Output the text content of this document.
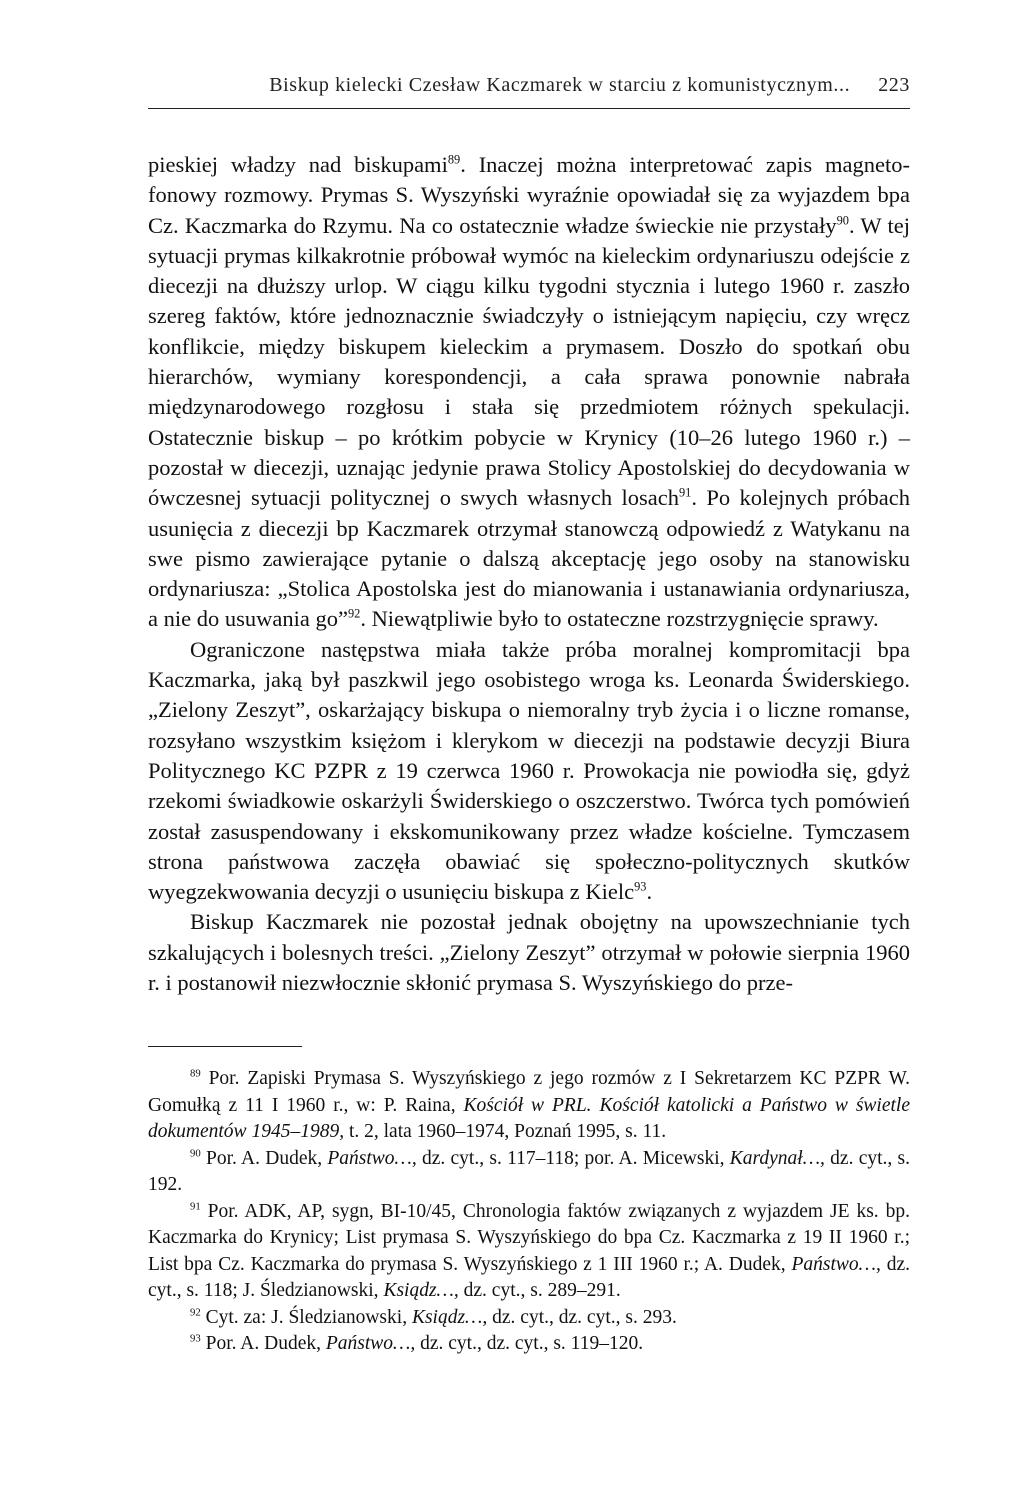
Biskup kielecki Czesław Kaczmarek w starciu z komunistycznym... 223

pieskiej władzy nad biskupami$^{89}$. Inaczej można interpretować zapis magnetofonowy rozmowy. Prymas S. Wyszyński wyraźnie opowiadał się za wyjazdem bpa Cz. Kaczmarka do Rzymu. Na co ostatecznie władze świeckie nie przystały$^{90}$. W tej sytuacji prymas kilkakrotnie próbował wymóc na kieleckim ordynariuszu odejście z diecezji na dłuższy urlop. W ciągu kilku tygodni stycznia i lutego 1960 r. zaszło szereg faktów, które jednoznacznie świadczyły o istniejącym napięciu, czy wręcz konflikcie, między biskupem kieleckim a prymasem. Doszło do spotkań obu hierarchów, wymiany korespondencji, a cała sprawa ponownie nabrała międzynarodowego rozgłosu i stała się przedmiotem różnych spekulacji. Ostatecznie biskup – po krótkim pobycie w Krynicy (10–26 lutego 1960 r.) – pozostał w diecezji, uznając jedynie prawa Stolicy Apostolskiej do decydowania w ówczesnej sytuacji politycznej o swych własnych losach$^{91}$. Po kolejnych próbach usunięcia z diecezji bp Kaczmarek otrzymał stanowczą odpowiedź z Watykanu na swe pismo zawierające pytanie o dalszą akceptację jego osoby na stanowisku ordynariusza: „Stolica Apostolska jest do mianowania i ustanawiania ordynariusza, a nie do usuwania go”$^{92}$. Niewątpliwie było to ostateczne rozstrzygnięcie sprawy.

Ograniczone następstwa miała także próba moralnej kompromitacji bpa Kaczmarka, jaką był paszkwil jego osobistego wroga ks. Leonarda Świderskiego. „Zielony Zeszyt”, oskarżający biskupa o niemoralny tryb życia i o liczne romanse, rozsyłano wszystkim księżom i klerykom w diecezji na podstawie decyzji Biura Politycznego KC PZPR z 19 czerwca 1960 r. Prowokacja nie powiodła się, gdyż rzekomi świadkowie oskarżyli Świderskiego o oszczerstwo. Twórca tych pomówień został zasuspendowany i ekskomunikowany przez władze kościelne. Tymczasem strona państwowa zaczęła obawiać się społeczno-politycznych skutków wyegzekwowania decyzji o usunięciu biskupa z Kielc$^{93}$.

Biskup Kaczmarek nie pozostał jednak obojętny na upowszechnianie tych szkalujących i bolesnych treści. „Zielony Zeszyt” otrzymał w połowie sierpnia 1960 r. i postanowił niezwłocznie skłonić prymasa S. Wyszyńskiego do prze-

$^{89}$ Por. Zapiski Prymasa S. Wyszyńskiego z jego rozmów z I Sekretarzem KC PZPR W. Gomułką z 11 I 1960 r., w: P. Raina, Kościół w PRL. Kościół katolicki a Państwo w świetle dokumentów 1945–1989, t. 2, lata 1960–1974, Poznań 1995, s. 11.

$^{90}$ Por. A. Dudek, Państwo…, dz. cyt., s. 117–118; por. A. Micewski, Kardynał…, dz. cyt., s. 192.

$^{91}$ Por. ADK, AP, sygn, BI-10/45, Chronologia faktów związanych z wyjazdem JE ks. bp. Kaczmarka do Krynicy; List prymasa S. Wyszyńskiego do bpa Cz. Kaczmarka z 19 II 1960 r.; List bpa Cz. Kaczmarka do prymasa S. Wyszyńskiego z 1 III 1960 r.; A. Dudek, Państwo…, dz. cyt., s. 118; J. Śledzianowski, Ksiądz…, dz. cyt., s. 289–291.

$^{92}$ Cyt. za: J. Śledzianowski, Ksiądz…, dz. cyt., dz. cyt., s. 293.

$^{93}$ Por. A. Dudek, Państwo…, dz. cyt., dz. cyt., s. 119–120.
